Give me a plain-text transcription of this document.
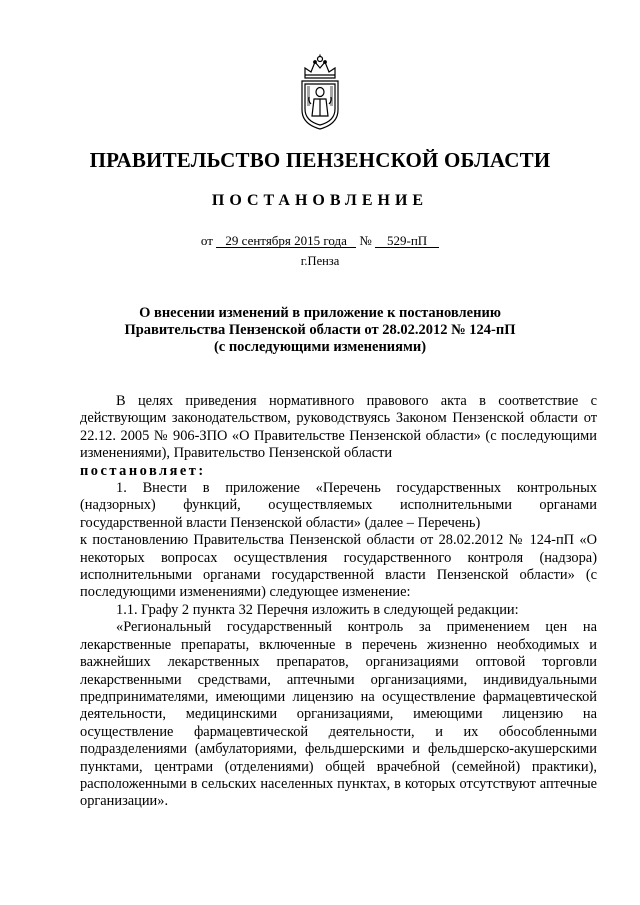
ПРАВИТЕЛЬСТВО ПЕНЗЕНСКОЙ ОБЛАСТИ
ПОСТАНОВЛЕНИЕ
от 29 сентября 2015 года № 529-пП
г.Пенза
О внесении изменений в приложение к постановлению
Правительства Пензенской области от 28.02.2012 № 124-пП
(с последующими изменениями)

В целях приведения нормативного правового акта в соответствие с действующим законодательством, руководствуясь Законом Пензенской области от 22.12. 2005 № 906-ЗПО «О Правительстве Пензенской области» (с последующими изменениями), Правительство Пензенской области
постановляет:

1. Внести в приложение «Перечень государственных контрольных (надзорных) функций, осуществляемых исполнительными органами государственной власти Пензенской области» (далее – Перечень)

к постановлению Правительства Пензенской области от 28.02.2012 № 124-пП «О некоторых вопросах осуществления государственного контроля (надзора) исполнительными органами государственной власти Пензенской области» (с последующими изменениями) следующее изменение:

1.1. Графу 2 пункта 32 Перечня изложить в следующей редакции:

«Региональный государственный контроль за применением цен на лекарственные препараты, включенные в перечень жизненно необходимых и важнейших лекарственных препаратов, организациями оптовой торговли лекарственными средствами, аптечными организациями, индивидуальными предпринимателями, имеющими лицензию на осуществление фармацевтической деятельности, медицинскими организациями, имеющими лицензию на осуществление фармацевтической деятельности, и их обособленными подразделениями (амбулаториями, фельдшерскими и фельдшерско-акушерскими пунктами, центрами (отделениями) общей врачебной (семейной) практики), расположенными в сельских населенных пунктах, в которых отсутствуют аптечные организации».
